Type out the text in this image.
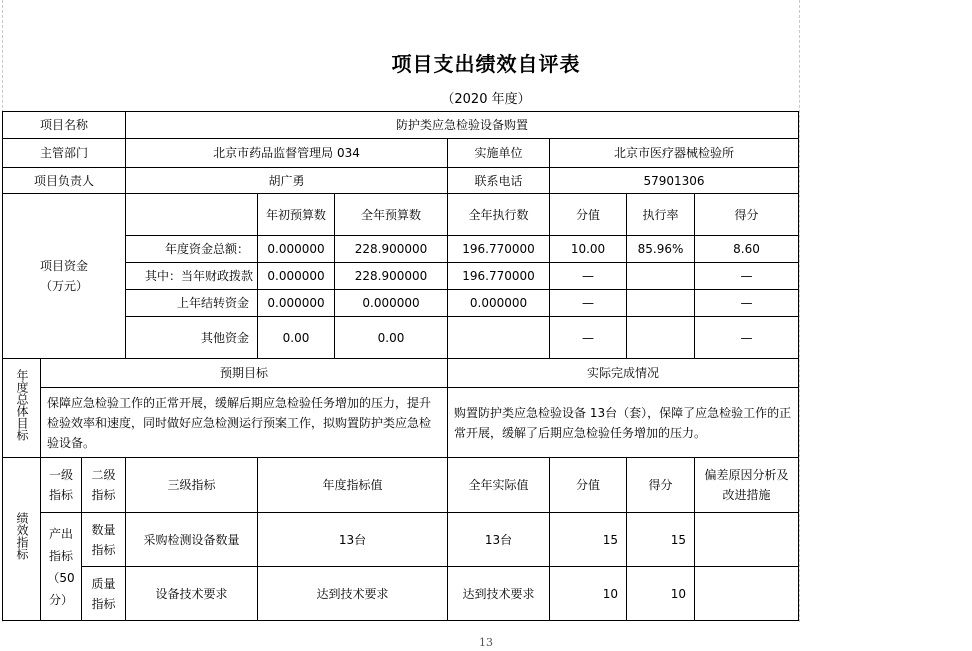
项目支出绩效自评表
（2020 年度）
项目名称			防护类应急检验设备购置						
主管部门			北京市药品监督管理局 034			实施单位	北京市医疗器械检验所		
项目负责人			胡广勇			联系电话	57901306		
项目资金（万元）				年初预算数	全年预算数	全年执行数	分值	执行率	得分
			年度资金总额：	0.000000	228.900000	196.770000	10.00	85.96%	8.60
			其中：当年财政拨款	0.000000	228.900000	196.770000	—		—
			上年结转资金	0.000000	0.000000	0.000000	—		—
			其他资金	0.00	0.00		—		—
年度总体目标	预期目标					实际完成情况			
	保障应急检验工作的正常开展，缓解后期应急检验任务增加的压力，提升检验效率和速度，同时做好应急检测运行预案工作，拟购置防护类应急检验设备。					购置防护类应急检验设备 13台（套），保障了应急检验工作的正常开展，缓解了后期应急检验任务增加的压力。			
绩效指标	一级指标	二级指标	三级指标	年度指标值		全年实际值	分值	得分	偏差原因分析及改进措施
	产出指标（50分）	数量指标	采购检测设备数量	13台		13台	15	15	
		质量指标	设备技术要求	达到技术要求		达到技术要求	10	10	
13
